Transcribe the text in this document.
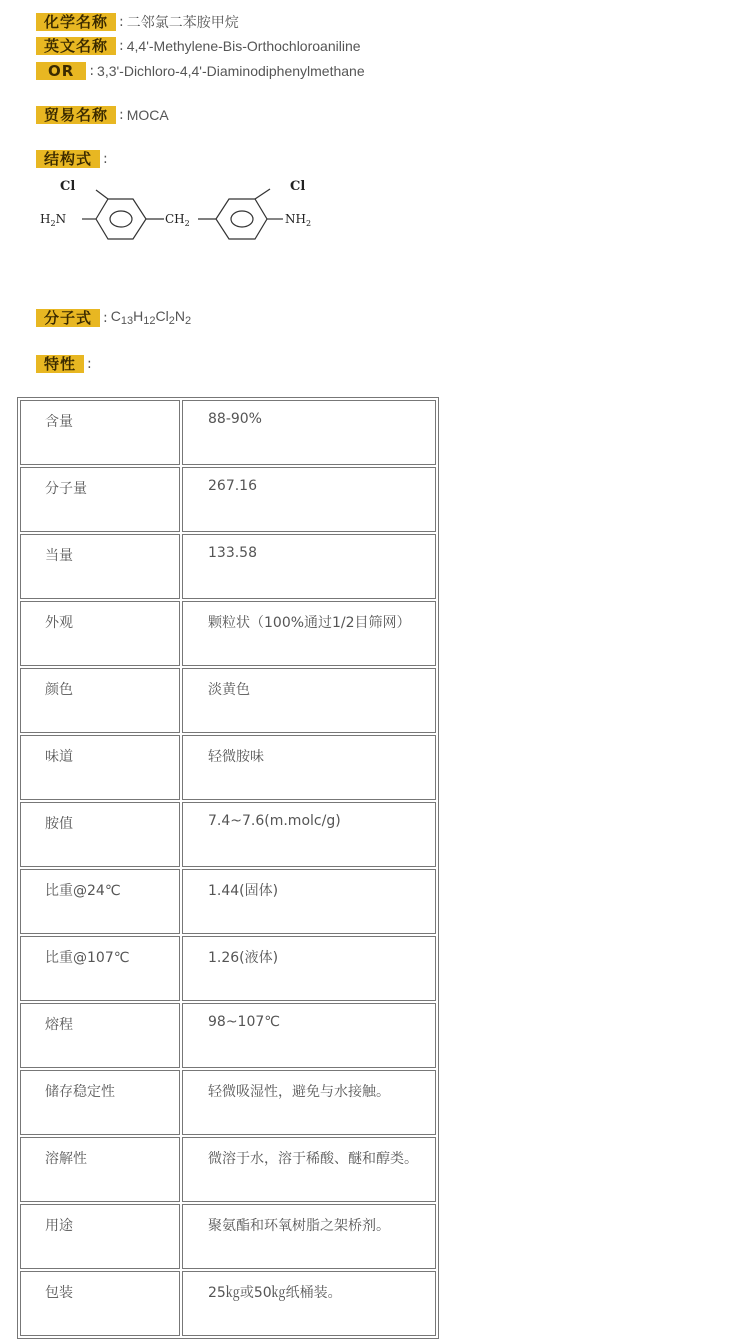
化学名称 : 二邻氯二苯胺甲烷
英文名称 : 4,4'-Methylene-Bis-Orthochloroaniline
OR	: 3,3'-Dichloro-4,4'-Diaminodiphenylmethane
贸易名称 : MOCA
结构式 :
Cl	Cl
$H_2N$	$CH_2$	$NH_2$
分子式 : $C_{13}H_{12}Cl_2N_2$
特性 :
含量	88-90%
分子量	267.16
当量	133.58
外观	颗粒状（100%通过1/2目筛网）
颜色	淡黄色
味道	轻微胺味
胺值	7.4~7.6(m.molc/g)
比重@24℃	1.44(固体)
比重@107℃	1.26(液体)
熔程	98~107℃
储存稳定性	轻微吸湿性，避免与水接触。
溶解性	微溶于水，溶于稀酸、醚和醇类。
用途	聚氨酯和环氧树脂之架桥剂。
包装	25㎏或50㎏纸桶装。
